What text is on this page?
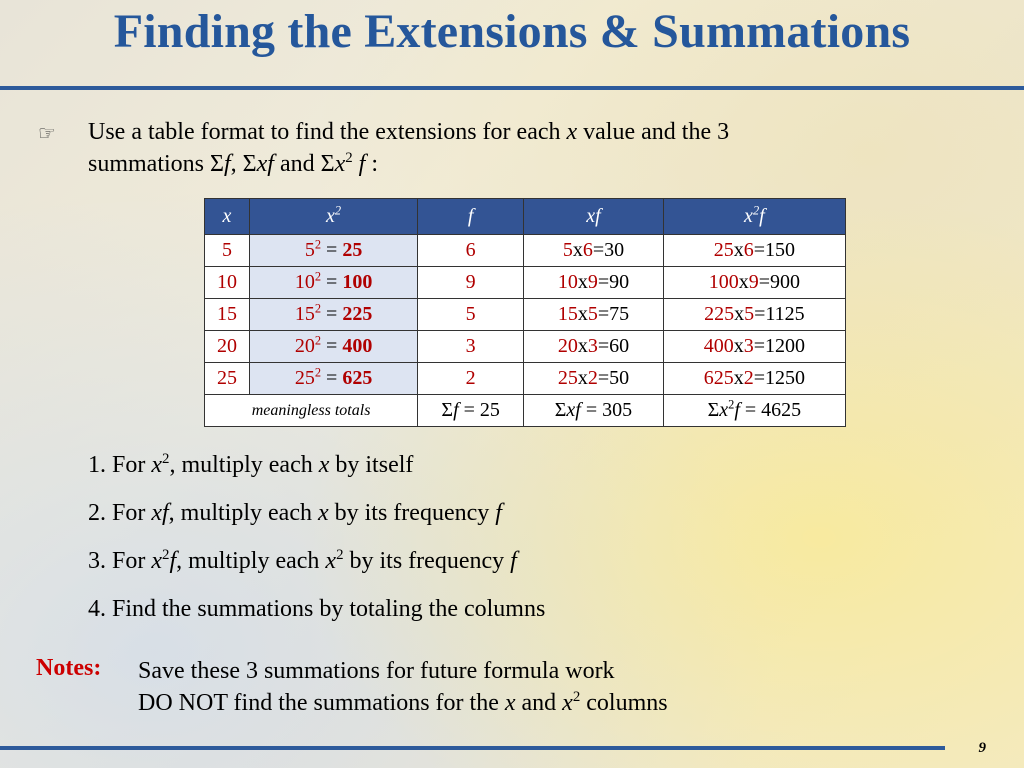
Finding the Extensions & Summations
☞ Use a table format to find the extensions for each x value and the 3
summations Σf, Σxf and $\Sigma x^2$ f :
x	$x^2$	f	xf	$x^2f$
5	$5^2 = 25$	6	5x6=30	25x6=150
10	$10^2 = 100$	9	10x9=90	100x9=900
15	$15^2 = 225$	5	15x5=75	225x5=1125
20	$20^2 = 400$	3	20x3=60	400x3=1200
25	$25^2 = 625$	2	25x2=50	625x2=1250
meaningless totals		Σf = 25	Σxf = 305	$\Sigma x^2f = 4625$
1. For $x^2$, multiply each x by itself
2. For xf, multiply each x by its frequency f
3. For $x^2f$, multiply each $x^2$ by its frequency f
4. Find the summations by totaling the columns
Notes: Save these 3 summations for future formula work
DO NOT find the summations for the x and $x^2$ columns
9
